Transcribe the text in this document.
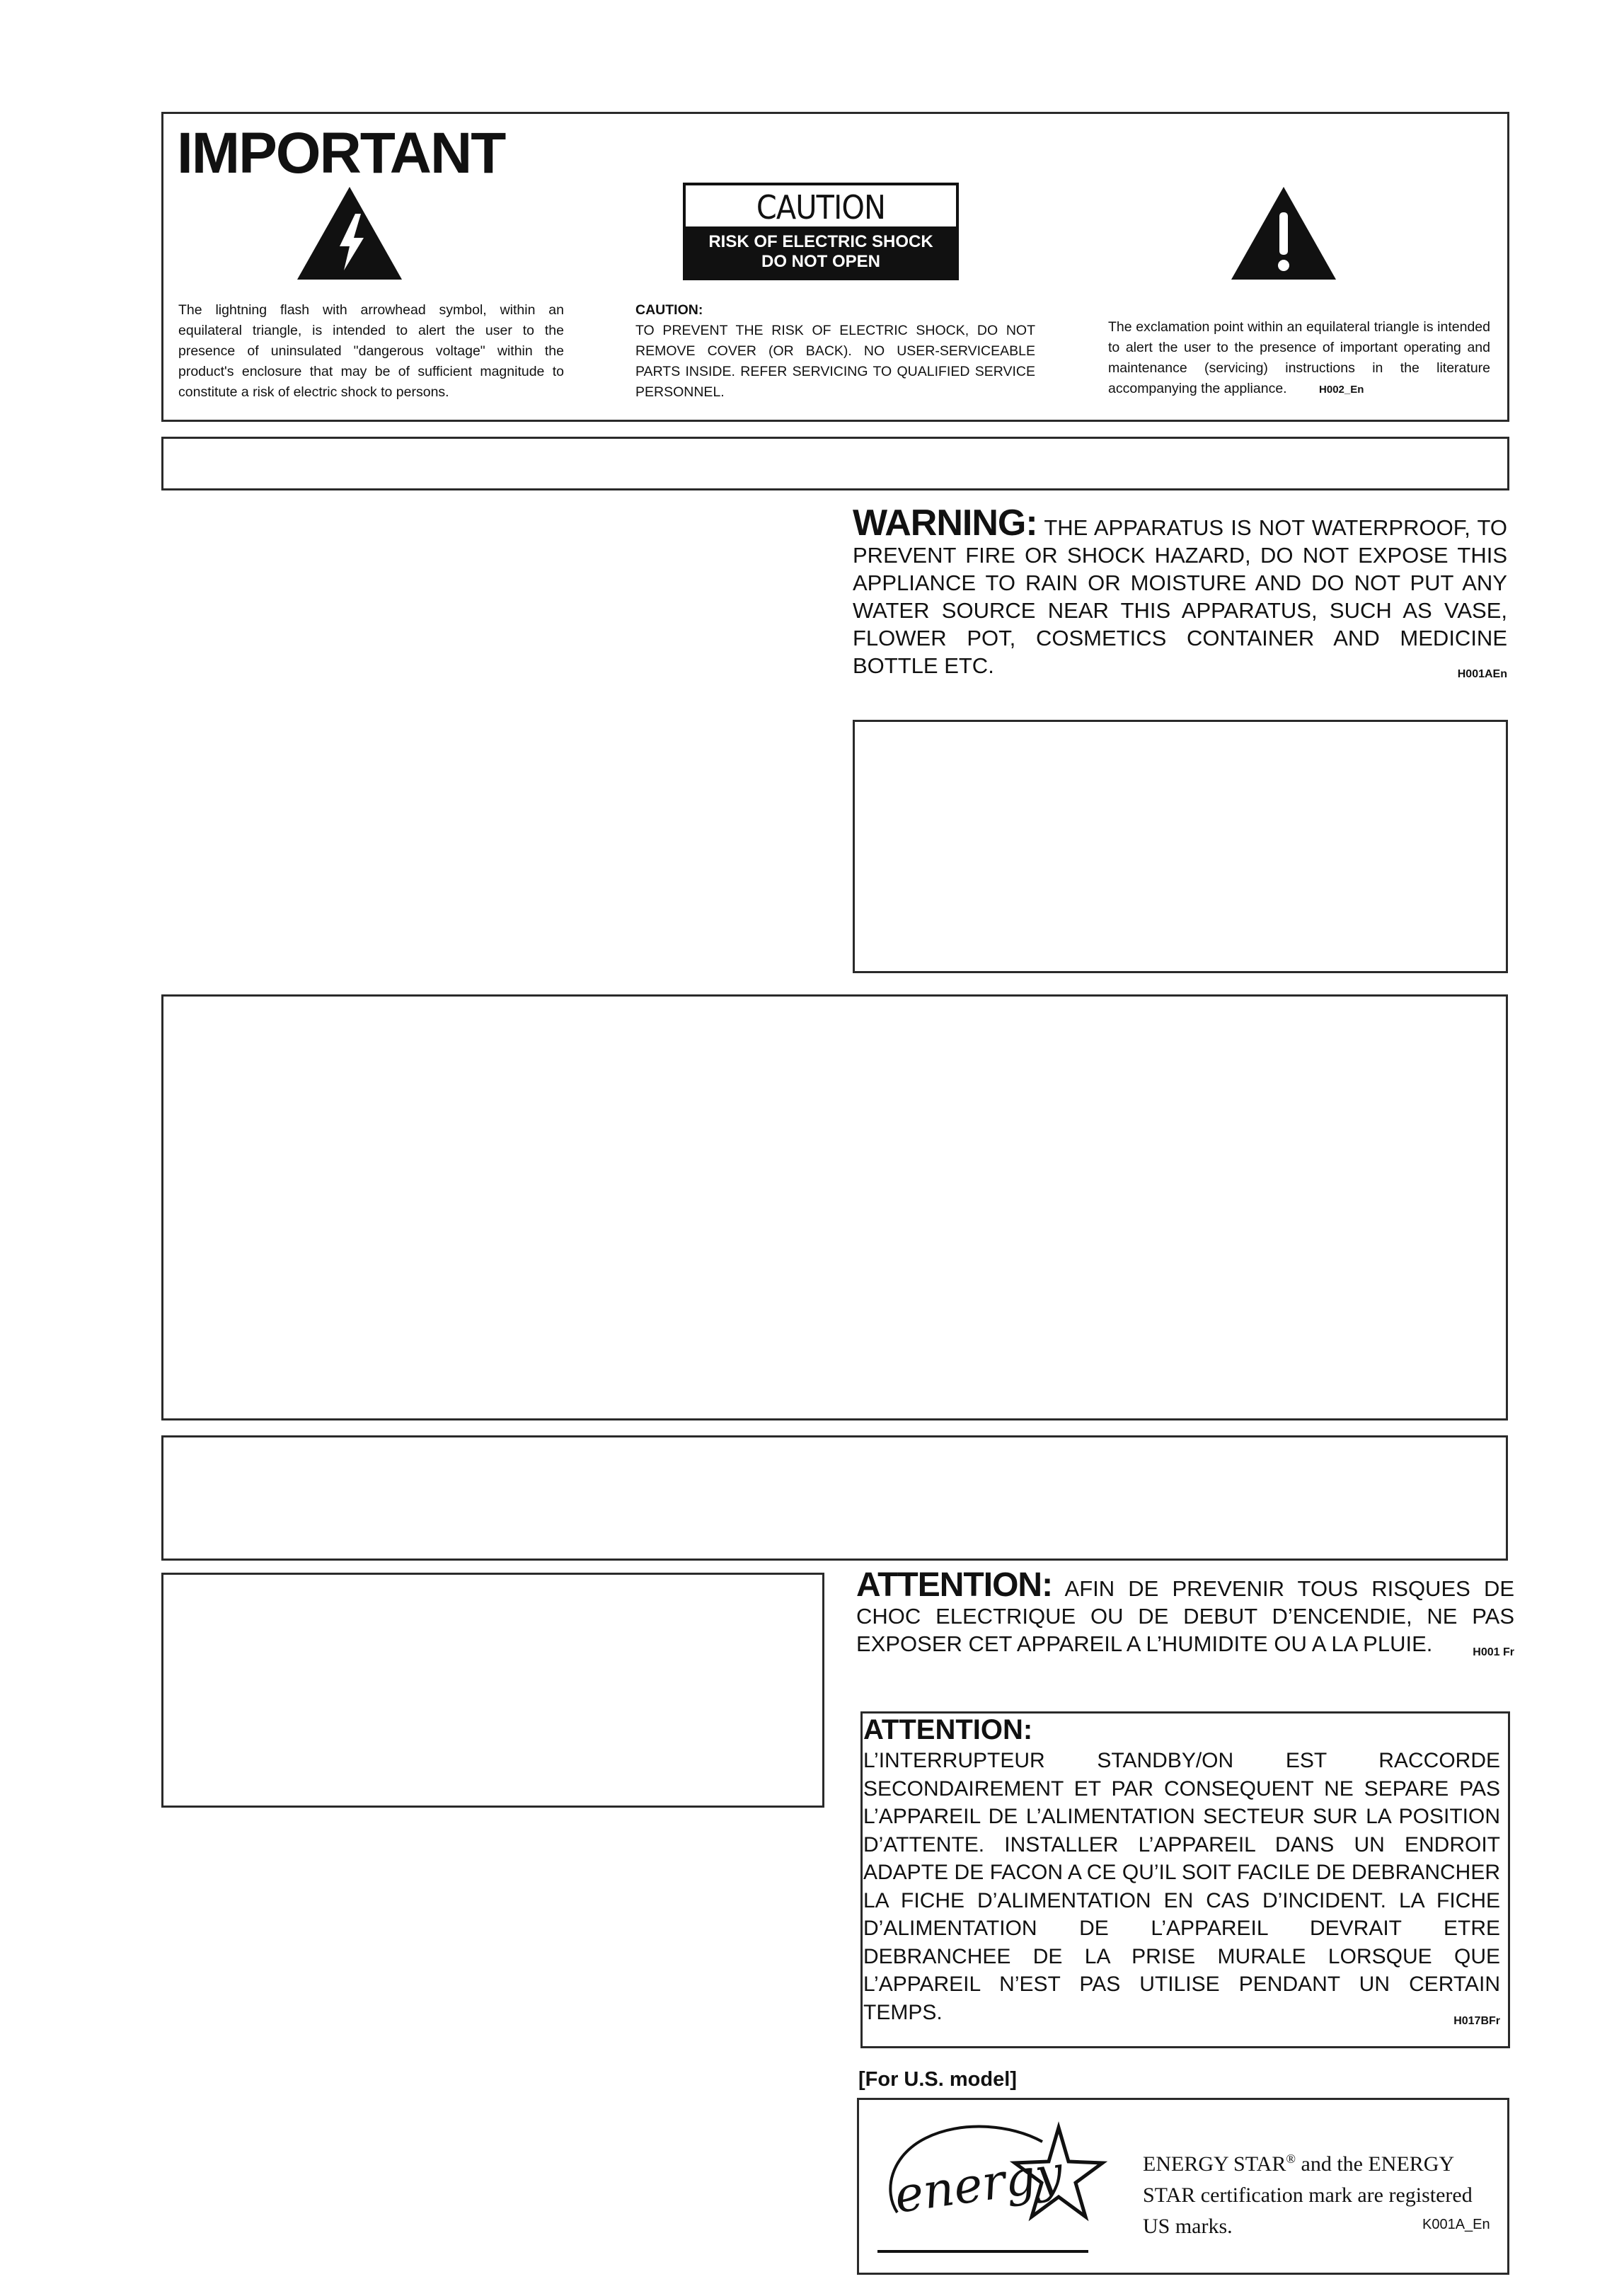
IMPORTANT
CAUTION
RISK OF ELECTRIC SHOCK
DO NOT OPEN
The lightning flash with arrowhead symbol, within an equilateral triangle, is intended to alert the user to the presence of uninsulated "dangerous voltage" within the product's enclosure that may be of sufficient magnitude to constitute a risk of electric shock to persons.
CAUTION:
TO PREVENT THE RISK OF ELECTRIC SHOCK, DO NOT REMOVE COVER (OR BACK). NO USER-SERVICEABLE PARTS INSIDE. REFER SERVICING TO QUALIFIED SERVICE PERSONNEL.
The exclamation point within an equilateral triangle is intended to alert the user to the presence of important operating and maintenance (servicing) instructions in the literature accompanying the appliance.	H002_En
WARNING: THE APPARATUS IS NOT WATERPROOF, TO PREVENT FIRE OR SHOCK HAZARD, DO NOT EXPOSE THIS APPLIANCE TO RAIN OR MOISTURE AND DO NOT PUT ANY WATER SOURCE NEAR THIS APPARATUS, SUCH AS VASE, FLOWER POT, COSMETICS CONTAINER AND MEDICINE BOTTLE ETC.	H001AEn
ATTENTION: AFIN DE PREVENIR TOUS RISQUES DE CHOC ELECTRIQUE OU DE DEBUT D’ENCENDIE, NE PAS EXPOSER CET APPAREIL A L’HUMIDITE OU A LA PLUIE.	H001 Fr
ATTENTION:
L’INTERRUPTEUR STANDBY/ON EST RACCORDE SECONDAIREMENT ET PAR CONSEQUENT NE SEPARE PAS L’APPAREIL DE L’ALIMENTATION SECTEUR SUR LA POSITION D’ATTENTE. INSTALLER L’APPAREIL DANS UN ENDROIT ADAPTE DE FACON A CE QU’IL SOIT FACILE DE DEBRANCHER LA FICHE D’ALIMENTATION EN CAS D’INCIDENT. LA FICHE D’ALIMENTATION DE L’APPAREIL DEVRAIT ETRE DEBRANCHEE DE LA PRISE MURALE LORSQUE QUE L’APPAREIL N’EST PAS UTILISE PENDANT UN CERTAIN TEMPS.	H017BFr
[For U.S. model]
energy	ENERGY STAR® and the ENERGY
STAR certification mark are registered
US marks.	K001A_En
